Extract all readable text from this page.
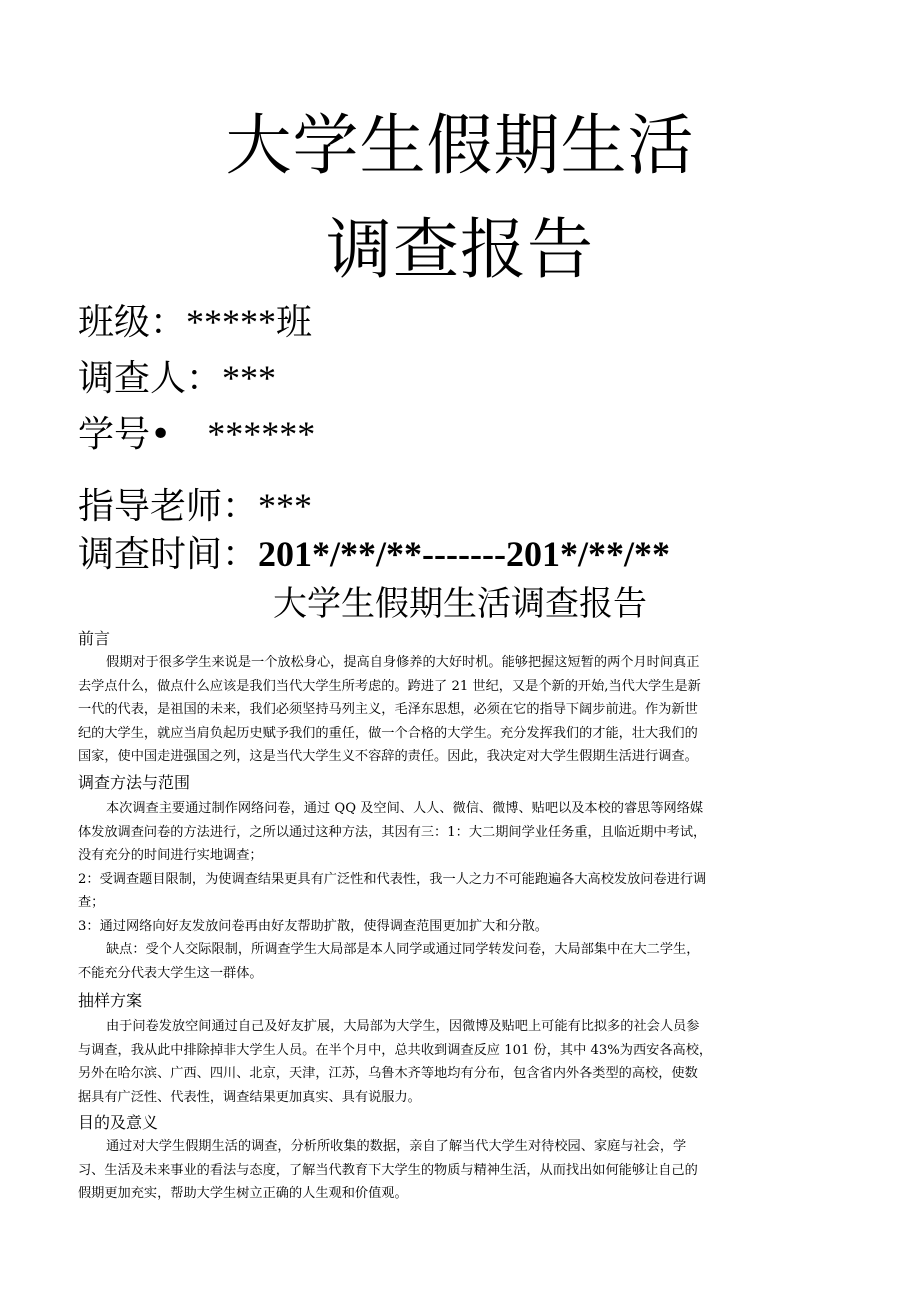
大学生假期生活
调查报告
班级：*****班
调查人：***
学号• ******
指导老师：***
调查时间：201*/**/**-------201*/**/**
大学生假期生活调查报告
前言
假期对于很多学生来说是一个放松身心，提高自身修养的大好时机。能够把握这短暂的两个月时间真正
去学点什么，做点什么应该是我们当代大学生所考虑的。跨进了 21 世纪，又是个新的开始,当代大学生是新
一代的代表，是祖国的未来，我们必须坚持马列主义，毛泽东思想，必须在它的指导下阔步前进。作为新世
纪的大学生，就应当肩负起历史赋予我们的重任，做一个合格的大学生。充分发挥我们的才能，壮大我们的
国家，使中国走进强国之列，这是当代大学生义不容辞的责任。因此，我决定对大学生假期生活进行调查。
调查方法与范围
本次调查主要通过制作网络问卷，通过 QQ 及空间、人人、微信、微博、贴吧以及本校的睿思等网络媒
体发放调查问卷的方法进行，之所以通过这种方法，其因有三：1：大二期间学业任务重，且临近期中考试，
没有充分的时间进行实地调查；
2：受调查题目限制，为使调查结果更具有广泛性和代表性，我一人之力不可能跑遍各大高校发放问卷进行调
查；
3：通过网络向好友发放问卷再由好友帮助扩散，使得调查范围更加扩大和分散。
缺点：受个人交际限制，所调查学生大局部是本人同学或通过同学转发问卷，大局部集中在大二学生，
不能充分代表大学生这一群体。
抽样方案
由于问卷发放空间通过自己及好友扩展，大局部为大学生，因微博及贴吧上可能有比拟多的社会人员参
与调查，我从此中排除掉非大学生人员。在半个月中，总共收到调查反应 101 份，其中 43%为西安各高校，
另外在哈尔滨、广西、四川、北京，天津，江苏，乌鲁木齐等地均有分布，包含省内外各类型的高校，使数
据具有广泛性、代表性，调查结果更加真实、具有说服力。
目的及意义
通过对大学生假期生活的调查，分析所收集的数据，亲自了解当代大学生对待校园、家庭与社会，学
习、生活及未来事业的看法与态度，了解当代教育下大学生的物质与精神生活，从而找出如何能够让自己的
假期更加充实，帮助大学生树立正确的人生观和价值观。
